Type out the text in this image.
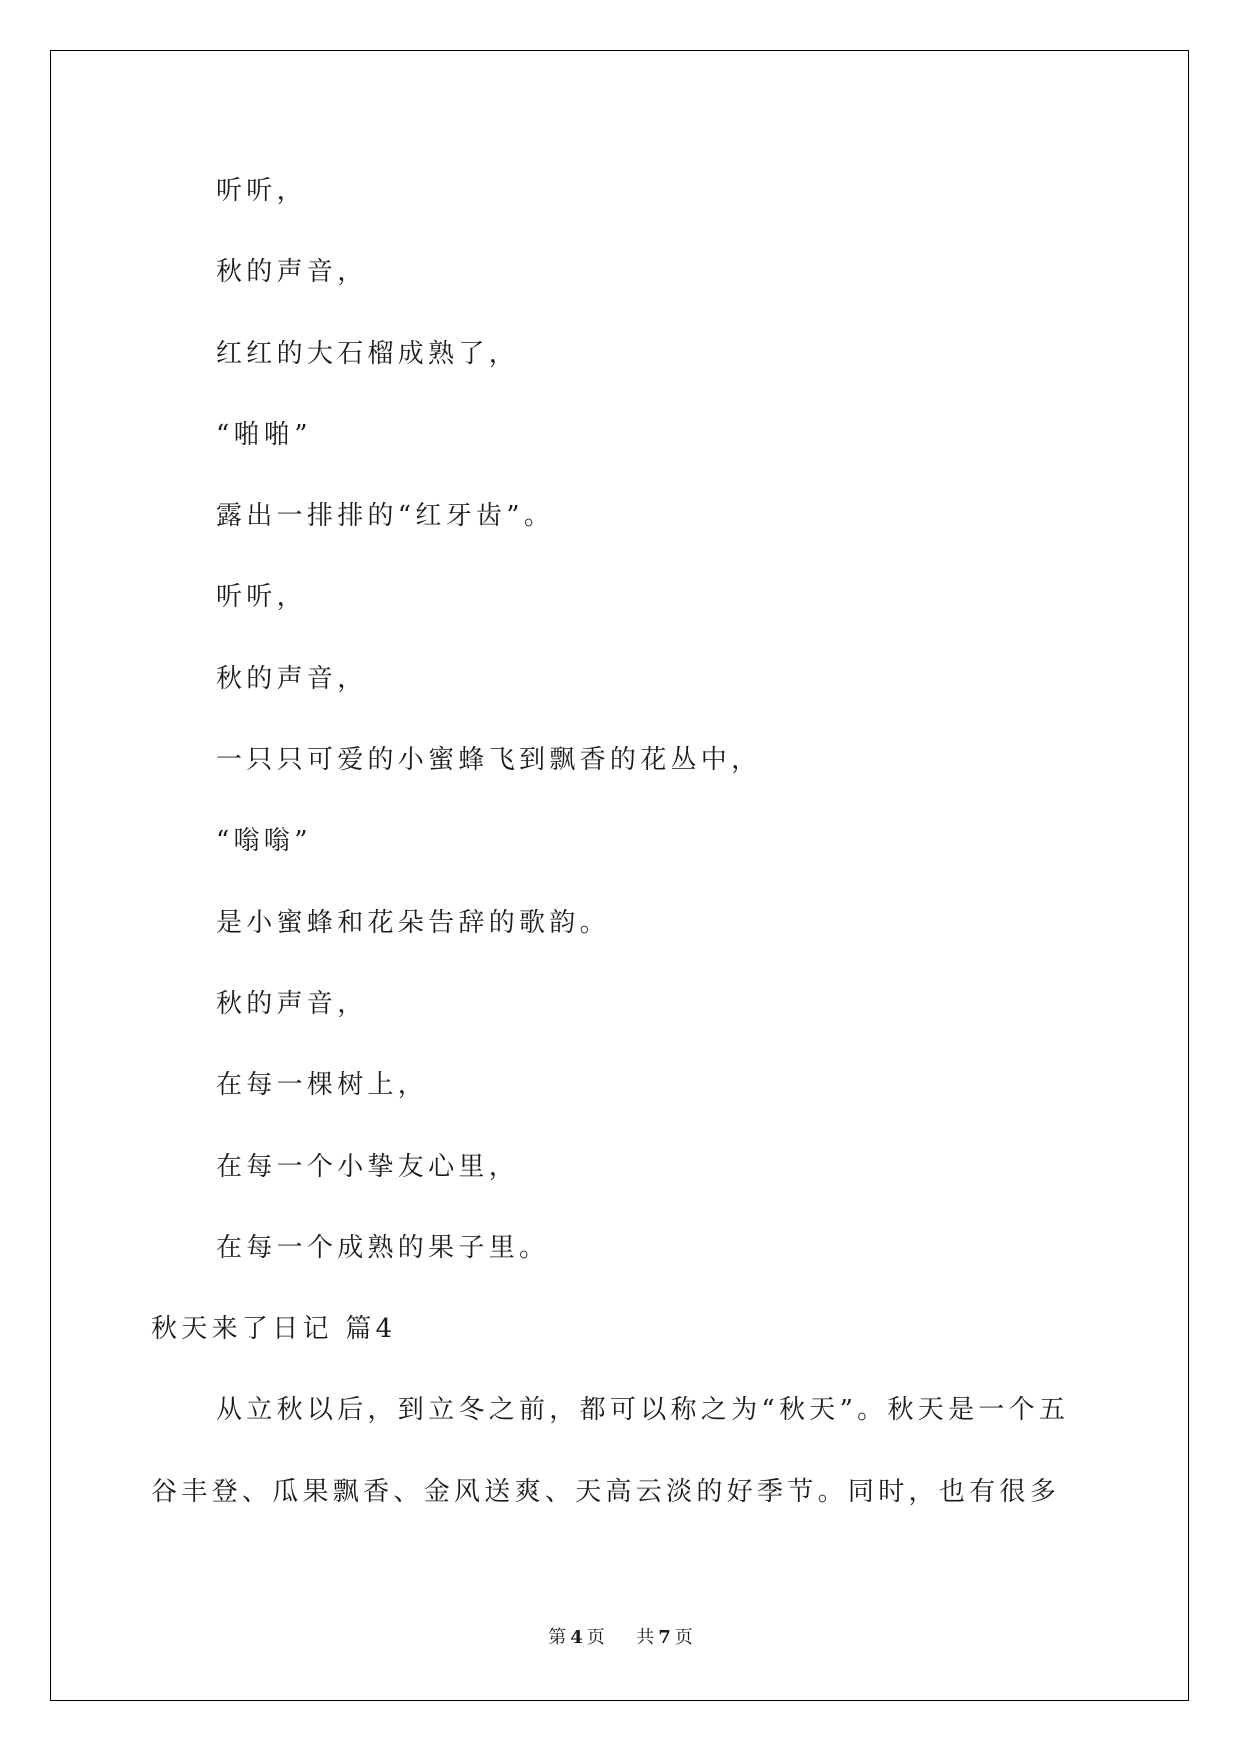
听听，
秋的声音，
红红的大石榴成熟了，
“啪啪”
露出一排排的“红牙齿”。
听听，
秋的声音，
一只只可爱的小蜜蜂飞到飘香的花丛中，
“嗡嗡”
是小蜜蜂和花朵告辞的歌韵。
秋的声音，
在每一棵树上，
在每一个小挚友心里，
在每一个成熟的果子里。
秋天来了日记 篇4
从立秋以后，到立冬之前，都可以称之为“秋天”。秋天是一个五
谷丰登、瓜果飘香、金风送爽、天高云淡的好季节。同时，也有很多
第 4 页 共 7 页
